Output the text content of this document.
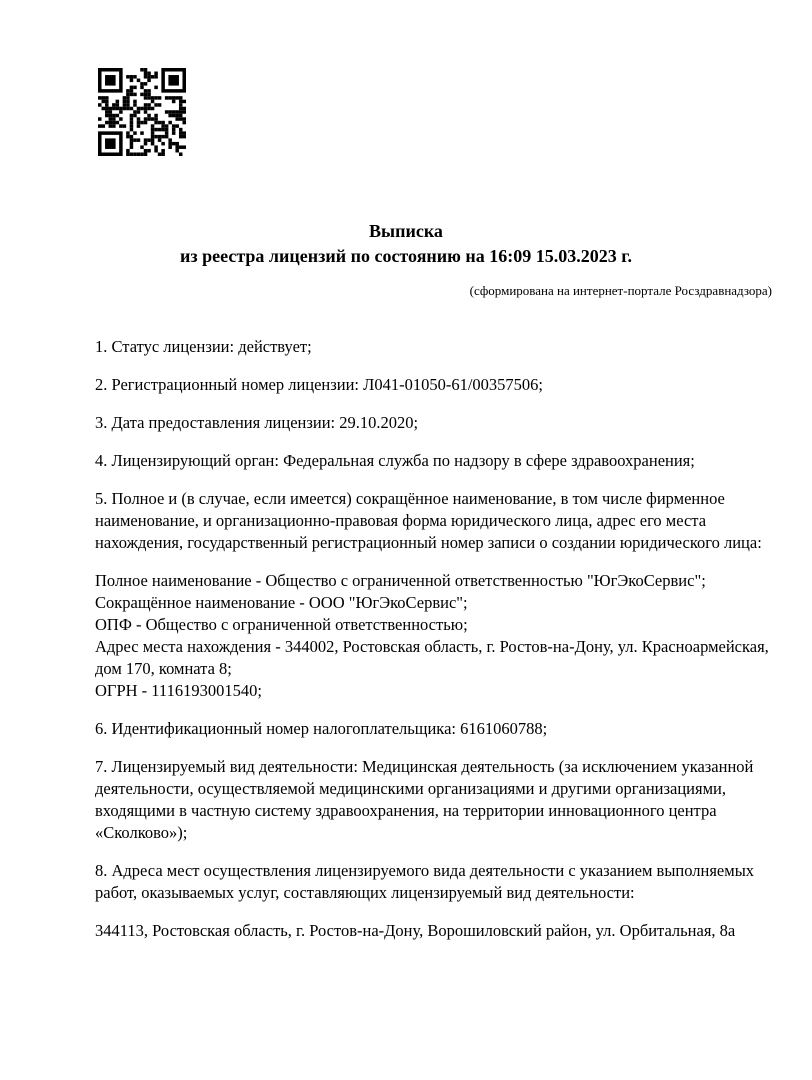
Выписка
из реестра лицензий по состоянию на 16:09 15.03.2023 г.
(сформирована на интернет-портале Росздравнадзора)

1. Статус лицензии: действует;

2. Регистрационный номер лицензии: Л041-01050-61/00357506;

3. Дата предоставления лицензии: 29.10.2020;

4. Лицензирующий орган: Федеральная служба по надзору в сфере здравоохранения;

5. Полное и (в случае, если имеется) сокращённое наименование, в том числе фирменное наименование, и организационно-правовая форма юридического лица, адрес его места нахождения, государственный регистрационный номер записи о создании юридического лица:

Полное наименование - Общество с ограниченной ответственностью "ЮгЭкоСервис";
Сокращённое наименование - ООО "ЮгЭкоСервис";
ОПФ - Общество с ограниченной ответственностью;
Адрес места нахождения - 344002, Ростовская область, г. Ростов-на-Дону, ул. Красноармейская, дом 170, комната 8;
ОГРН - 1116193001540;

6. Идентификационный номер налогоплательщика: 6161060788;

7. Лицензируемый вид деятельности: Медицинская деятельность (за исключением указанной деятельности, осуществляемой медицинскими организациями и другими организациями, входящими в частную систему здравоохранения, на территории инновационного центра «Сколково»);

8. Адреса мест осуществления лицензируемого вида деятельности с указанием выполняемых работ, оказываемых услуг, составляющих лицензируемый вид деятельности:

344113, Ростовская область, г. Ростов-на-Дону, Ворошиловский район, ул. Орбитальная, 8а
